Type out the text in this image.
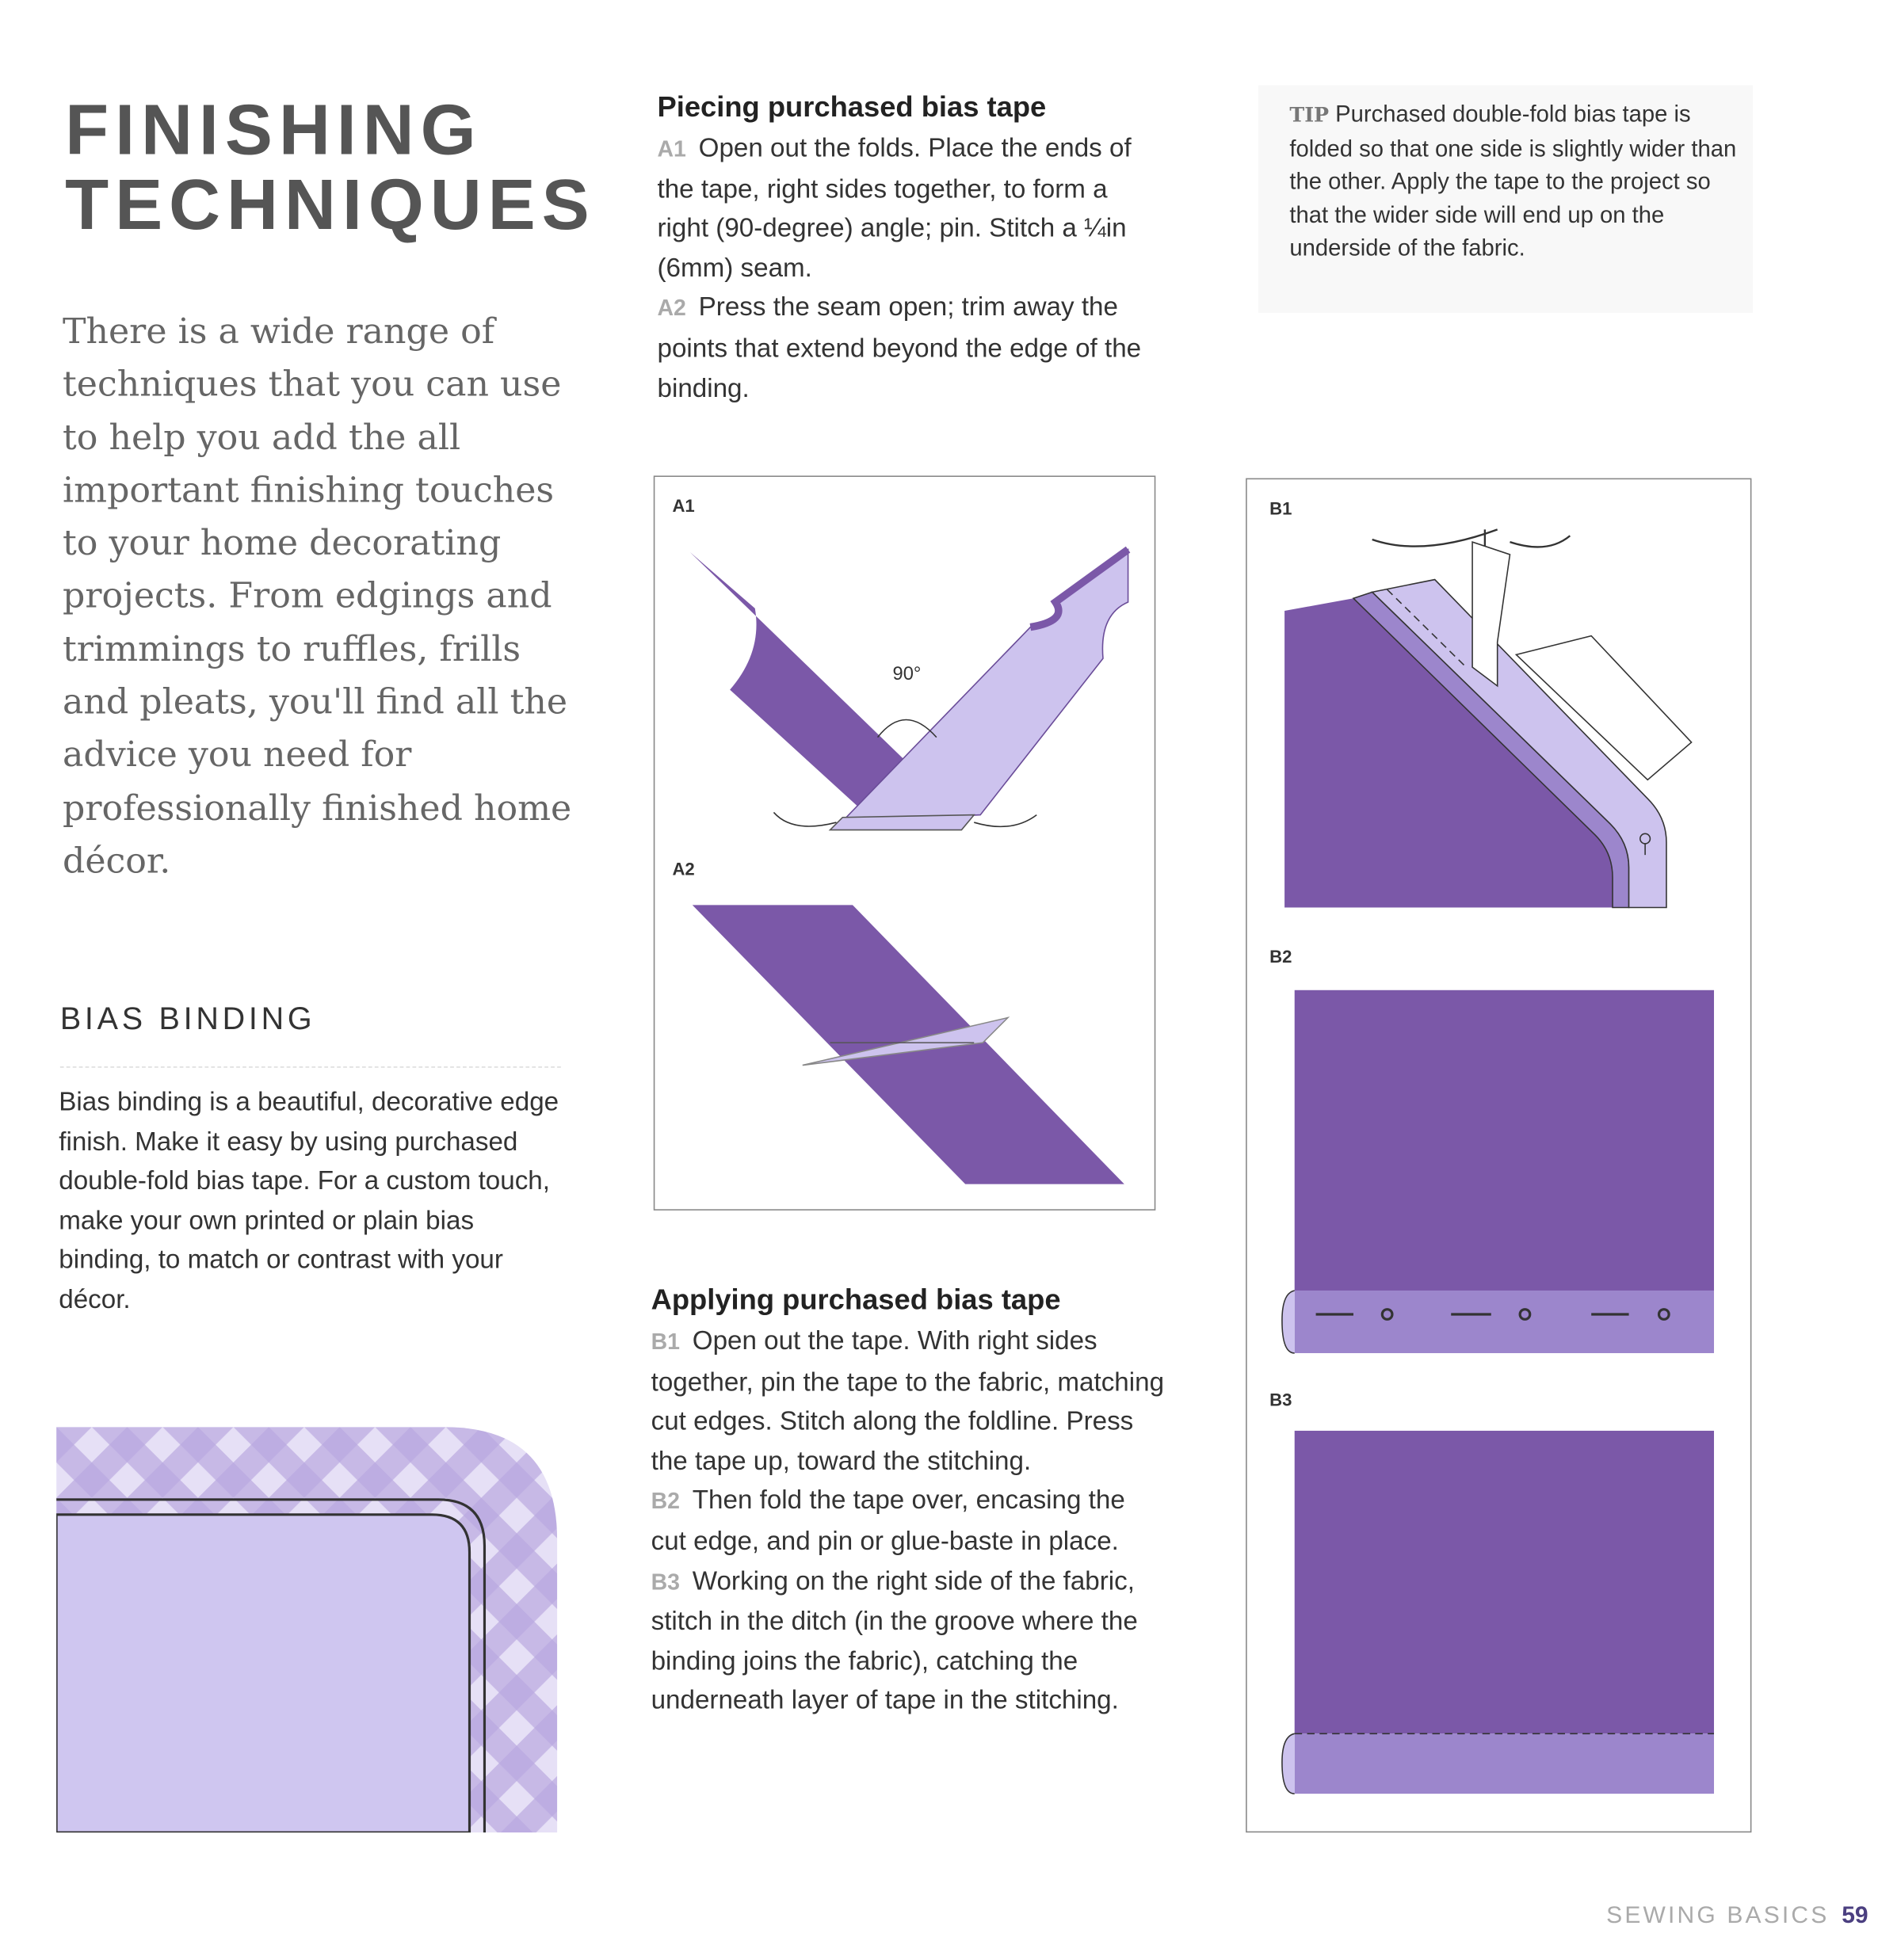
FINISHING
TECHNIQUES
There is a wide range of techniques that you can use to help you add the all important finishing touches to your home decorating projects. From edgings and trimmings to ruffles, frills and pleats, you'll find all the advice you need for professionally finished home décor.
BIAS BINDING
Bias binding is a beautiful, decorative edge finish. Make it easy by using purchased double-fold bias tape. For a custom touch, make your own printed or plain bias binding, to match or contrast with your décor.
Piecing purchased bias tape
A1 Open out the folds. Place the ends of the tape, right sides together, to form a right (90-degree) angle; pin. Stitch a ¼in (6mm) seam.
A2 Press the seam open; trim away the points that extend beyond the edge of the binding.

TIP Purchased double-fold bias tape is folded so that one side is slightly wider than the other. Apply the tape to the project so that the wider side will end up on the underside of the fabric.

A1
A2
90°
Applying purchased bias tape
B1 Open out the tape. With right sides together, pin the tape to the fabric, matching cut edges. Stitch along the foldline. Press the tape up, toward the stitching.
B2 Then fold the tape over, encasing the cut edge, and pin or glue-baste in place.
B3 Working on the right side of the fabric, stitch in the ditch (in the groove where the binding joins the fabric), catching the underneath layer of tape in the stitching.
B1
B2
B3
SEWING BASICS 59
